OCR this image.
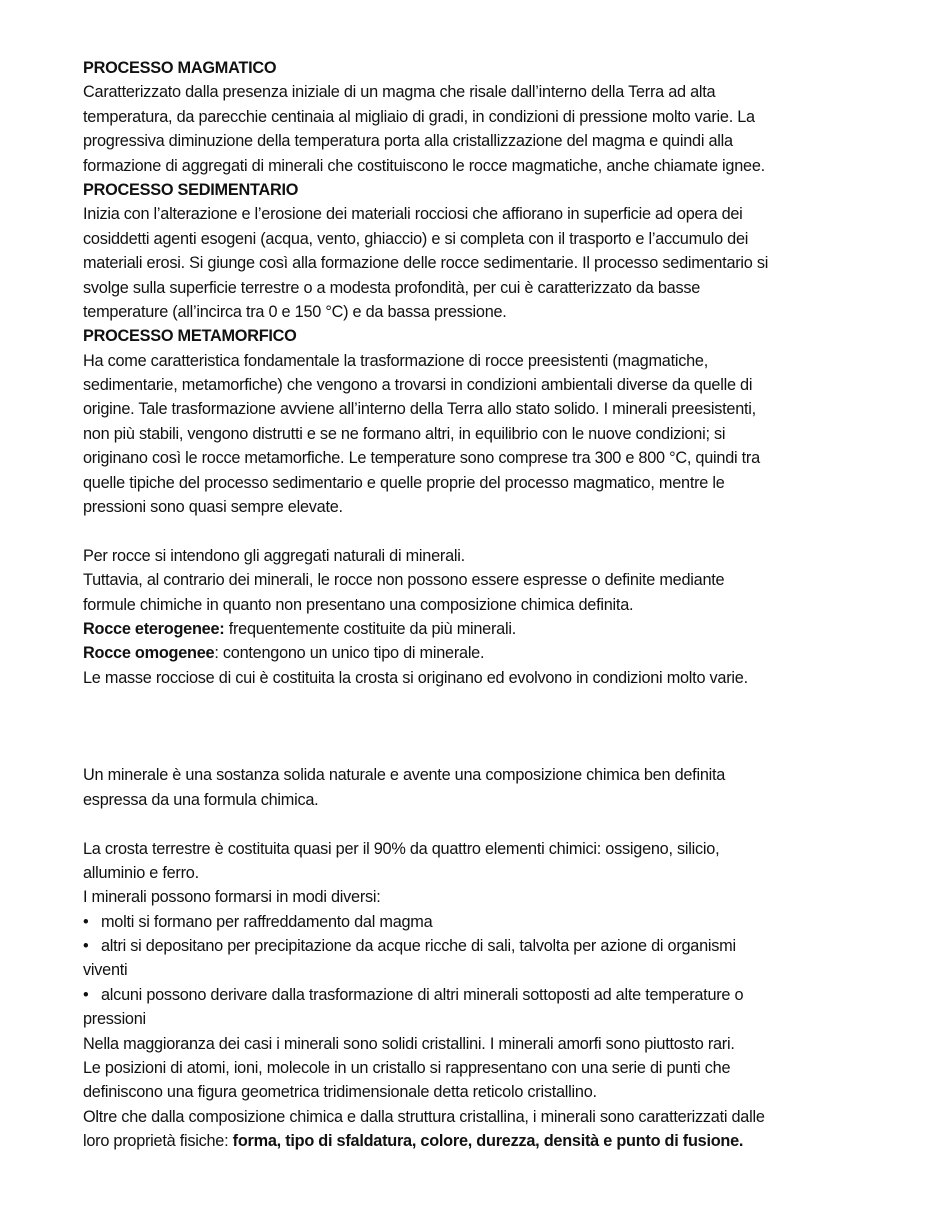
PROCESSO MAGMATICO
Caratterizzato dalla presenza iniziale di un magma che risale dall’interno della Terra ad alta
temperatura, da parecchie centinaia al migliaio di gradi, in condizioni di pressione molto varie. La
progressiva diminuzione della temperatura porta alla cristallizzazione del magma e quindi alla
formazione di aggregati di minerali che costituiscono le rocce magmatiche, anche chiamate ignee.
PROCESSO SEDIMENTARIO
Inizia con l’alterazione e l’erosione dei materiali rocciosi che affiorano in superficie ad opera dei
cosiddetti agenti esogeni (acqua, vento, ghiaccio) e si completa con il trasporto e l’accumulo dei
materiali erosi. Si giunge così alla formazione delle rocce sedimentarie. Il processo sedimentario si
svolge sulla superficie terrestre o a modesta profondità, per cui è caratterizzato da basse
temperature (all’incirca tra 0 e 150 °C) e da bassa pressione.
PROCESSO METAMORFICO
Ha come caratteristica fondamentale la trasformazione di rocce preesistenti (magmatiche,
sedimentarie, metamorfiche) che vengono a trovarsi in condizioni ambientali diverse da quelle di
origine. Tale trasformazione avviene all’interno della Terra allo stato solido. I minerali preesistenti,
non più stabili, vengono distrutti e se ne formano altri, in equilibrio con le nuove condizioni; si
originano così le rocce metamorfiche. Le temperature sono comprese tra 300 e 800 °C, quindi tra
quelle tipiche del processo sedimentario e quelle proprie del processo magmatico, mentre le
pressioni sono quasi sempre elevate.
Per rocce si intendono gli aggregati naturali di minerali.
Tuttavia, al contrario dei minerali, le rocce non possono essere espresse o definite mediante
formule chimiche in quanto non presentano una composizione chimica definita.
Rocce eterogenee: frequentemente costituite da più minerali.
Rocce omogenee: contengono un unico tipo di minerale.
Le masse rocciose di cui è costituita la crosta si originano ed evolvono in condizioni molto varie.
Un minerale è una sostanza solida naturale e avente una composizione chimica ben definita
espressa da una formula chimica.
La crosta terrestre è costituita quasi per il 90% da quattro elementi chimici: ossigeno, silicio,
alluminio e ferro.
I minerali possono formarsi in modi diversi:
• molti si formano per raffreddamento dal magma
• altri si depositano per precipitazione da acque ricche di sali, talvolta per azione di organismi
viventi
• alcuni possono derivare dalla trasformazione di altri minerali sottoposti ad alte temperature o
pressioni
Nella maggioranza dei casi i minerali sono solidi cristallini. I minerali amorfi sono piuttosto rari.
Le posizioni di atomi, ioni, molecole in un cristallo si rappresentano con una serie di punti che
definiscono una figura geometrica tridimensionale detta reticolo cristallino.
Oltre che dalla composizione chimica e dalla struttura cristallina, i minerali sono caratterizzati dalle
loro proprietà fisiche: forma, tipo di sfaldatura, colore, durezza, densità e punto di fusione.
